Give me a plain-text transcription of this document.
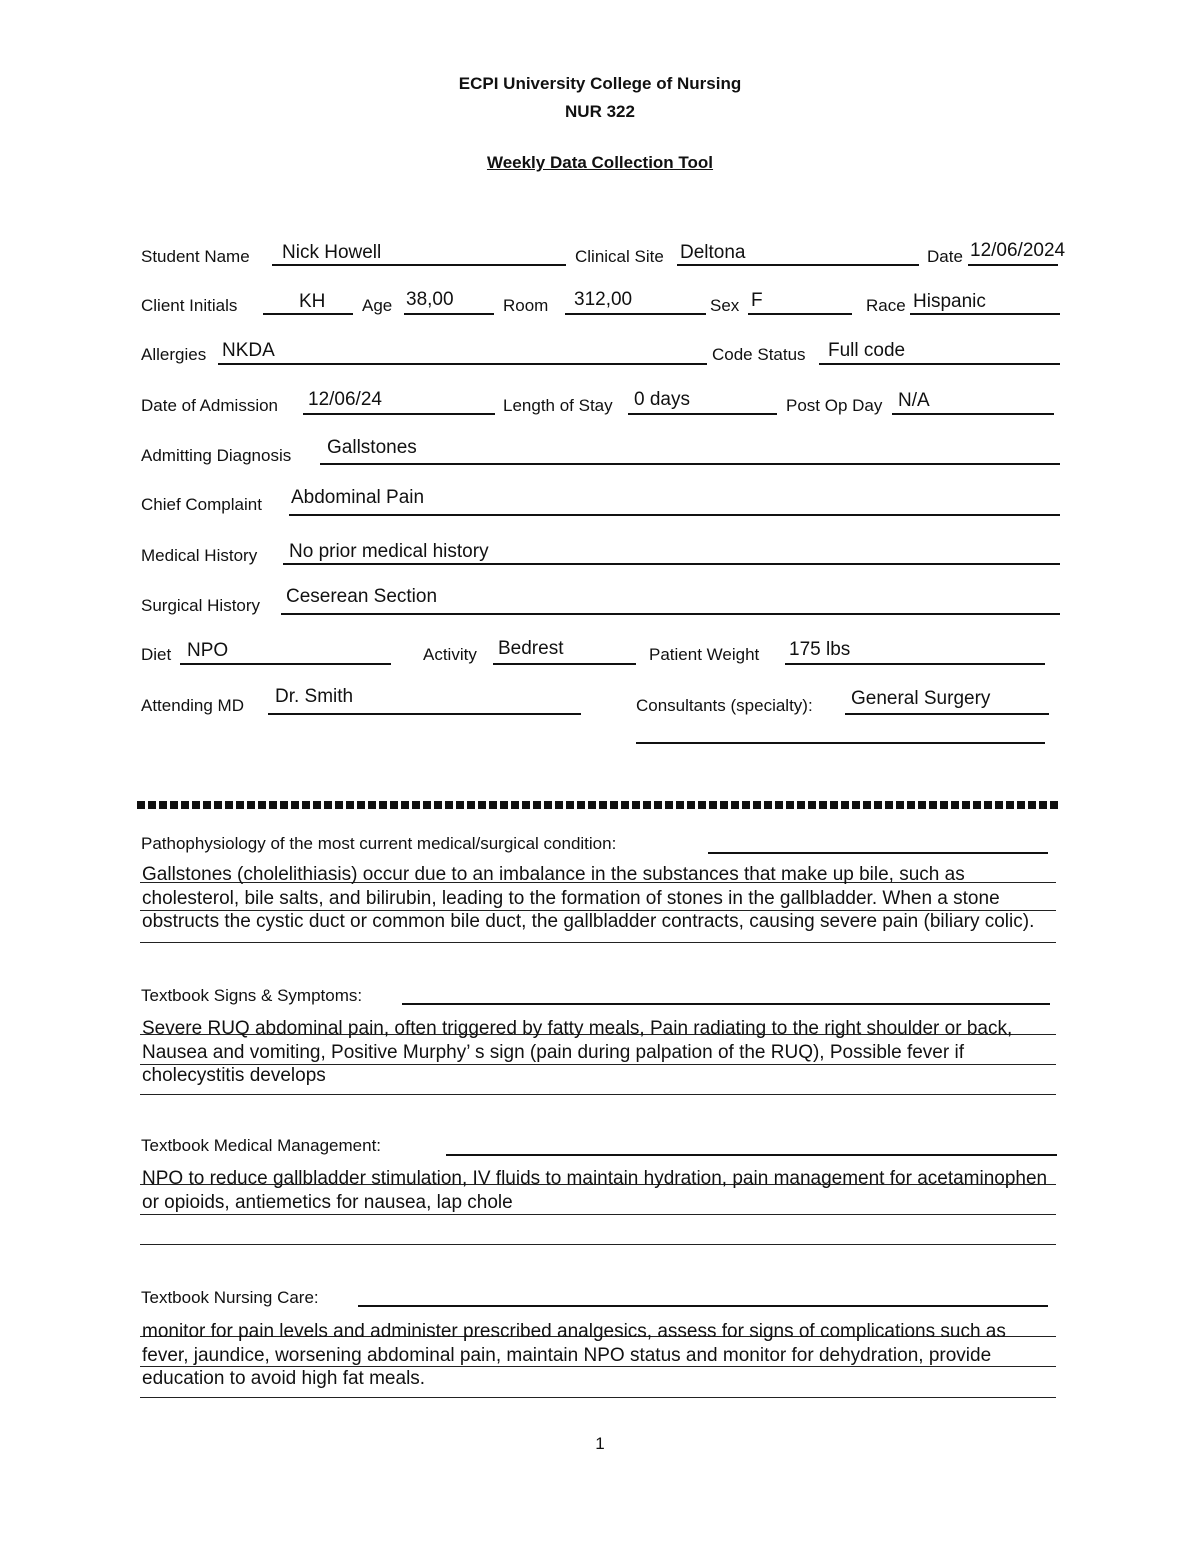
ECPI University College of Nursing
NUR 322
Weekly Data Collection Tool
Student Name Nick Howell	Clinical Site Deltona	Date 12/06/2024
Client Initials	KH Age 38,00	Room 312,00	Sex F	Race Hispanic
Allergies NKDA	Code Status Full code
Date of Admission 12/06/24	Length of Stay 0 days	Post Op Day N/A
Admitting Diagnosis Gallstones
Chief Complaint Abdominal Pain
Medical History No prior medical history
Surgical History Ceserean Section
Diet NPO	Activity Bedrest	Patient Weight 175 lbs
Attending MD Dr. Smith	Consultants (specialty): General Surgery
Pathophysiology of the most current medical/surgical condition:
Gallstones (cholelithiasis) occur due to an imbalance in the substances that make up bile, such as cholesterol, bile salts, and bilirubin, leading to the formation of stones in the gallbladder. When a stone obstructs the cystic duct or common bile duct, the gallbladder contracts, causing severe pain (biliary colic).
Textbook Signs & Symptoms:
Severe RUQ abdominal pain, often triggered by fatty meals, Pain radiating to the right shoulder or back, Nausea and vomiting, Positive Murphy’ s sign (pain during palpation of the RUQ), Possible fever if cholecystitis develops
Textbook Medical Management:
NPO to reduce gallbladder stimulation, IV fluids to maintain hydration, pain management for acetaminophen or opioids, antiemetics for nausea, lap chole
Textbook Nursing Care:
monitor for pain levels and administer prescribed analgesics, assess for signs of complications such as fever, jaundice, worsening abdominal pain, maintain NPO status and monitor for dehydration, provide education to avoid high fat meals.
1
